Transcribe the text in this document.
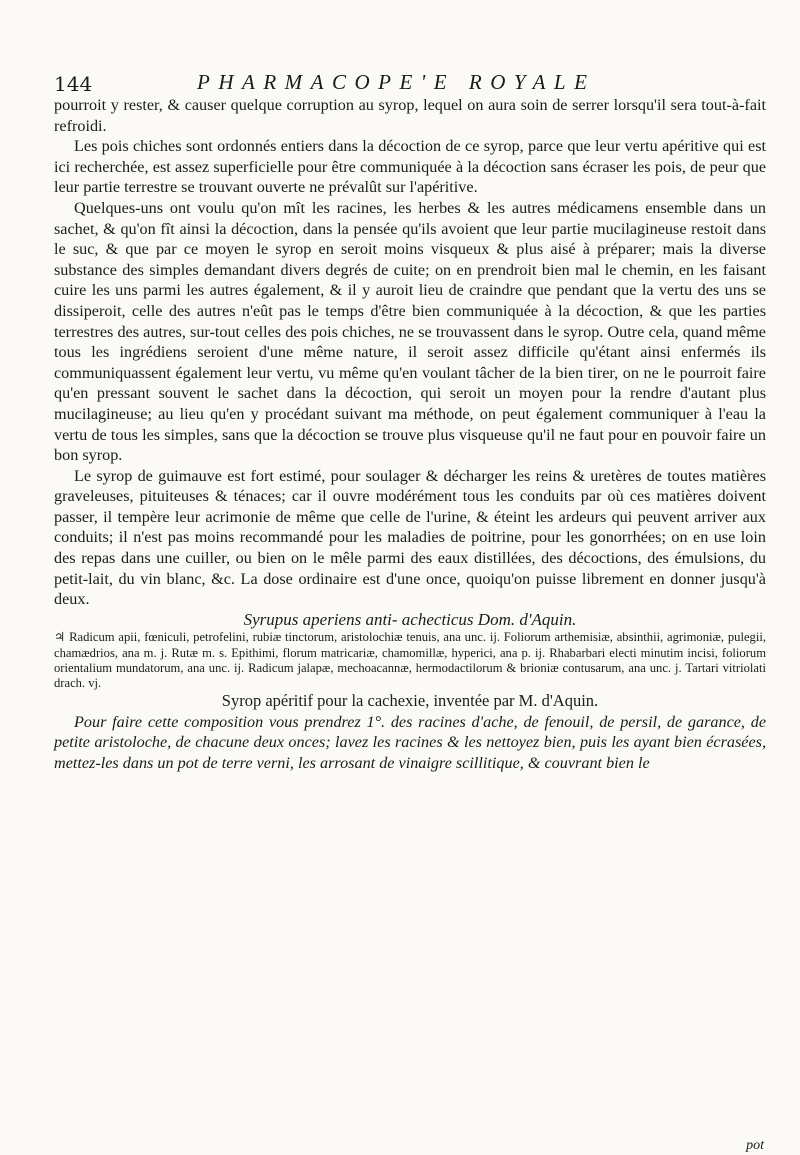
144	PHARMACOPE'E ROYALE

pourroit y rester, & causer quelque corruption au syrop, lequel on aura soin de serrer lorsqu'il sera tout-à-fait refroidi.

Les pois chiches sont ordonnés entiers dans la décoction de ce syrop, parce que leur vertu apéritive qui est ici recherchée, est assez superficielle pour être communiquée à la décoction sans écraser les pois, de peur que leur partie terrestre se trouvant ouverte ne prévalût sur l'apéritive.

Quelques-uns ont voulu qu'on mît les racines, les herbes & les autres médicamens ensemble dans un sachet, & qu'on fît ainsi la décoction, dans la pensée qu'ils avoient que leur partie mucilagineuse restoit dans le suc, & que par ce moyen le syrop en seroit moins visqueux & plus aisé à préparer; mais la diverse substance des simples demandant divers degrés de cuite; on en prendroit bien mal le chemin, en les faisant cuire les uns parmi les autres également, & il y auroit lieu de craindre que pendant que la vertu des uns se dissiperoit, celle des autres n'eût pas le temps d'être bien communiquée à la décoction, & que les parties terrestres des autres, sur-tout celles des pois chiches, ne se trouvassent dans le syrop. Outre cela, quand même tous les ingrédiens seroient d'une même nature, il seroit assez difficile qu'étant ainsi enfermés ils communiquassent également leur vertu, vu même qu'en voulant tâcher de la bien tirer, on ne le pourroit faire qu'en pressant souvent le sachet dans la décoction, qui seroit un moyen pour la rendre d'autant plus mucilagineuse; au lieu qu'en y procédant suivant ma méthode, on peut également communiquer à l'eau la vertu de tous les simples, sans que la décoction se trouve plus visqueuse qu'il ne faut pour en pouvoir faire un bon syrop.

Le syrop de guimauve est fort estimé, pour soulager & décharger les reins & uretères de toutes matières graveleuses, pituiteuses & ténaces; car il ouvre modérément tous les conduits par où ces matières doivent passer, il tempère leur acrimonie de même que celle de l'urine, & éteint les ardeurs qui peuvent arriver aux conduits; il n'est pas moins recommandé pour les maladies de poitrine, pour les gonorrhées; on en use loin des repas dans une cuiller, ou bien on le mêle parmi des eaux distillées, des décoctions, des émulsions, du petit-lait, du vin blanc, &c. La dose ordinaire est d'une once, quoiqu'on puisse librement en donner jusqu'à deux.

Syrupus aperiens anti- achecticus Dom. d'Aquin.

♃ Radicum apii, fœniculi, petrofelini, rubiæ tinctorum, aristolochiæ tenuis, ana unc. ij. Foliorum arthemisiæ, absinthii, agrimoniæ, pulegii, chamædrios, ana m. j. Rutæ m. s. Epithimi, florum matricariæ, chamomillæ, hyperici, ana p. ij. Rhabarbari electi minutim incisi, foliorum orientalium mundatorum, ana unc. ij. Radicum jalapæ, mechoacannæ, hermodactilorum & brioniæ contusarum, ana unc. j. Tartari vitriolati drach. vj.

Syrop apéritif pour la cachexie, inventée par M. d'Aquin.

Pour faire cette composition vous prendrez 1°. des racines d'ache, de fenouil, de persil, de garance, de petite aristoloche, de chacune deux onces; lavez les racines & les nettoyez bien, puis les ayant bien écrasées, mettez-les dans un pot de terre verni, les arrosant de vinaigre scillitique, & couvrant bien le

pot
